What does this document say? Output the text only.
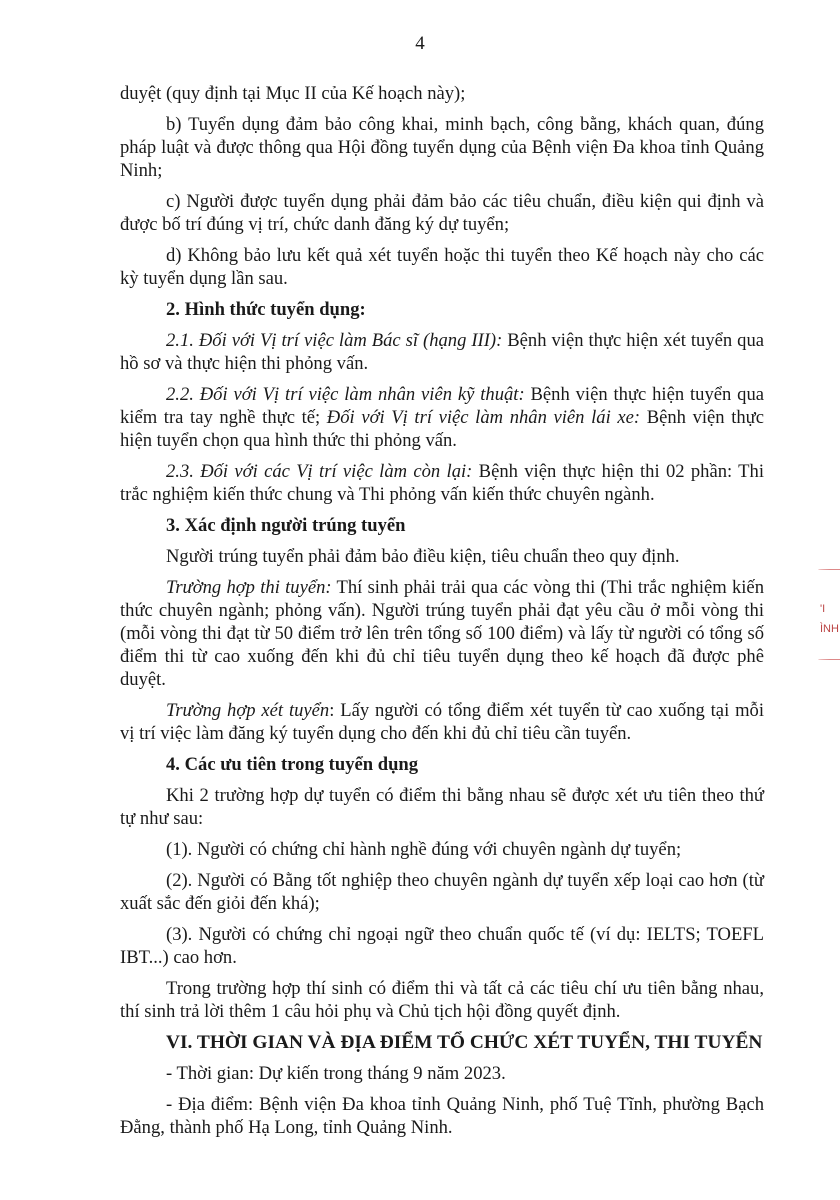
4

duyệt (quy định tại Mục II của Kế hoạch này);

b) Tuyển dụng đảm bảo công khai, minh bạch, công bằng, khách quan, đúng pháp luật và được thông qua Hội đồng tuyển dụng của Bệnh viện Đa khoa tỉnh Quảng Ninh;

c) Người được tuyển dụng phải đảm bảo các tiêu chuẩn, điều kiện qui định và được bố trí đúng vị trí, chức danh đăng ký dự tuyển;

d) Không bảo lưu kết quả xét tuyển hoặc thi tuyển theo Kế hoạch này cho các kỳ tuyển dụng lần sau.

2. Hình thức tuyển dụng:

2.1. Đối với Vị trí việc làm Bác sĩ (hạng III): Bệnh viện thực hiện xét tuyển qua hồ sơ và thực hiện thi phỏng vấn.

2.2. Đối với Vị trí việc làm nhân viên kỹ thuật: Bệnh viện thực hiện tuyển qua kiểm tra tay nghề thực tế; Đối với Vị trí việc làm nhân viên lái xe: Bệnh viện thực hiện tuyển chọn qua hình thức thi phỏng vấn.

2.3. Đối với các Vị trí việc làm còn lại: Bệnh viện thực hiện thi 02 phần: Thi trắc nghiệm kiến thức chung và Thi phỏng vấn kiến thức chuyên ngành.

3. Xác định người trúng tuyển

Người trúng tuyển phải đảm bảo điều kiện, tiêu chuẩn theo quy định.

Trường hợp thi tuyển: Thí sinh phải trải qua các vòng thi (Thi trắc nghiệm kiến thức chuyên ngành; phỏng vấn). Người trúng tuyển phải đạt yêu cầu ở mỗi vòng thi (mỗi vòng thi đạt từ 50 điểm trở lên trên tổng số 100 điểm) và lấy từ người có tổng số điểm thi từ cao xuống đến khi đủ chỉ tiêu tuyển dụng theo kế hoạch đã được phê duyệt.

Trường hợp xét tuyển: Lấy người có tổng điểm xét tuyển từ cao xuống tại mỗi vị trí việc làm đăng ký tuyển dụng cho đến khi đủ chỉ tiêu cần tuyển.

4. Các ưu tiên trong tuyển dụng

Khi 2 trường hợp dự tuyển có điểm thi bằng nhau sẽ được xét ưu tiên theo thứ tự như sau:

(1). Người có chứng chỉ hành nghề đúng với chuyên ngành dự tuyển;

(2). Người có Bằng tốt nghiệp theo chuyên ngành dự tuyển xếp loại cao hơn (từ xuất sắc đến giỏi đến khá);

(3). Người có chứng chỉ ngoại ngữ theo chuẩn quốc tế (ví dụ: IELTS; TOEFL IBT...) cao hơn.

Trong trường hợp thí sinh có điểm thi và tất cả các tiêu chí ưu tiên bằng nhau, thí sinh trả lời thêm 1 câu hỏi phụ và Chủ tịch hội đồng quyết định.

VI. THỜI GIAN VÀ ĐỊA ĐIỂM TỔ CHỨC XÉT TUYỂN, THI TUYỂN

- Thời gian: Dự kiến trong tháng 9 năm 2023.

- Địa điểm: Bệnh viện Đa khoa tỉnh Quảng Ninh, phố Tuệ Tĩnh, phường Bạch Đằng, thành phố Hạ Long, tỉnh Quảng Ninh.

'I
ÌNH
